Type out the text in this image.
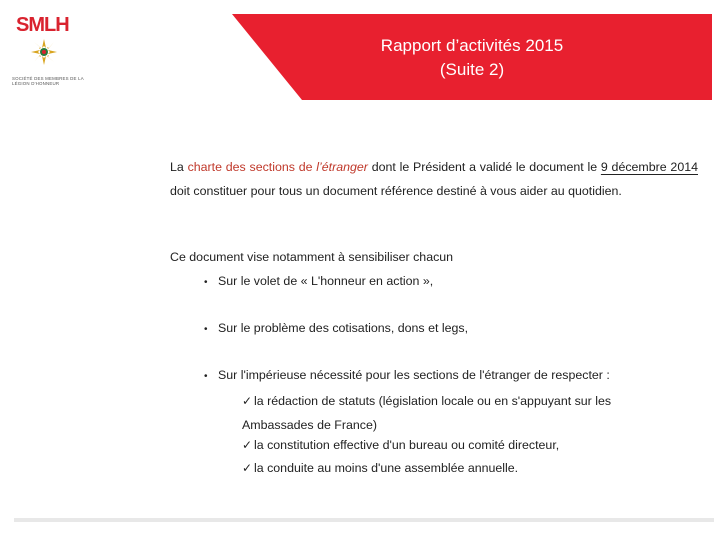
SMLH
SOCIÉTÉ DES MEMBRES DE LA LÉGION D'HONNEUR
Rapport d’activités 2015
(Suite 2)

La charte des sections de l’étranger dont le Président a validé le document le 9 décembre 2014 doit constituer pour tous un document référence destiné à vous aider au quotidien.

Ce document vise notamment à sensibiliser chacun

• Sur le volet de « L'honneur en action »,
• Sur le problème des cotisations, dons et legs,
• Sur l'impérieuse nécessité pour les sections de l'étranger de respecter :
✓ la rédaction de statuts (législation locale ou en s'appuyant sur les
Ambassades de France)
✓ la constitution effective d'un bureau ou comité directeur,
✓ la conduite au moins d'une assemblée annuelle.
